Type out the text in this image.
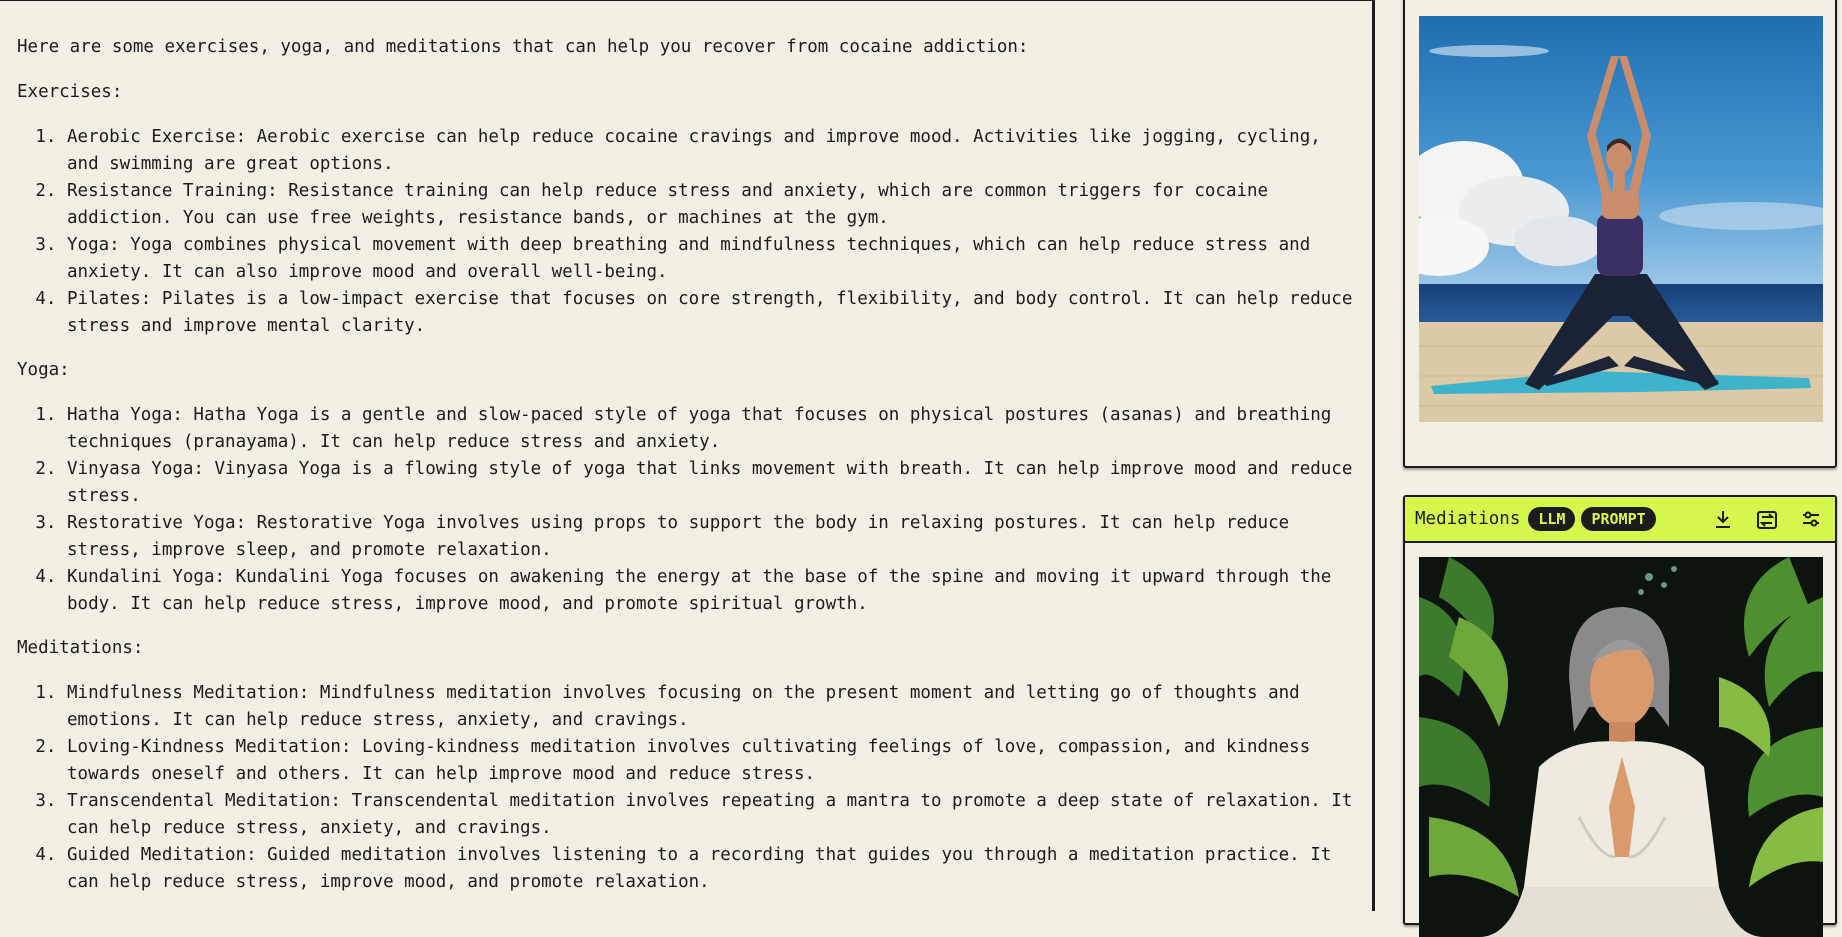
Here are some exercises, yoga, and meditations that can help you recover from cocaine addiction:

Exercises:

1. Aerobic Exercise: Aerobic exercise can help reduce cocaine cravings and improve mood. Activities like jogging, cycling, and swimming are great options.
2. Resistance Training: Resistance training can help reduce stress and anxiety, which are common triggers for cocaine addiction. You can use free weights, resistance bands, or machines at the gym.
3. Yoga: Yoga combines physical movement with deep breathing and mindfulness techniques, which can help reduce stress and anxiety. It can also improve mood and overall well-being.
4. Pilates: Pilates is a low-impact exercise that focuses on core strength, flexibility, and body control. It can help reduce stress and improve mental clarity.

Yoga:

1. Hatha Yoga: Hatha Yoga is a gentle and slow-paced style of yoga that focuses on physical postures (asanas) and breathing techniques (pranayama). It can help reduce stress and anxiety.
2. Vinyasa Yoga: Vinyasa Yoga is a flowing style of yoga that links movement with breath. It can help improve mood and reduce stress.
3. Restorative Yoga: Restorative Yoga involves using props to support the body in relaxing postures. It can help reduce stress, improve sleep, and promote relaxation.
4. Kundalini Yoga: Kundalini Yoga focuses on awakening the energy at the base of the spine and moving it upward through the body. It can help reduce stress, improve mood, and promote spiritual growth.

Meditations:

1. Mindfulness Meditation: Mindfulness meditation involves focusing on the present moment and letting go of thoughts and emotions. It can help reduce stress, anxiety, and cravings.
2. Loving-Kindness Meditation: Loving-kindness meditation involves cultivating feelings of love, compassion, and kindness towards oneself and others. It can help improve mood and reduce stress.
3. Transcendental Meditation: Transcendental meditation involves repeating a mantra to promote a deep state of relaxation. It can help reduce stress, anxiety, and cravings.
4. Guided Meditation: Guided meditation involves listening to a recording that guides you through a meditation practice. It can help reduce stress, improve mood, and promote relaxation.
Mediations	LLM	PROMPT
